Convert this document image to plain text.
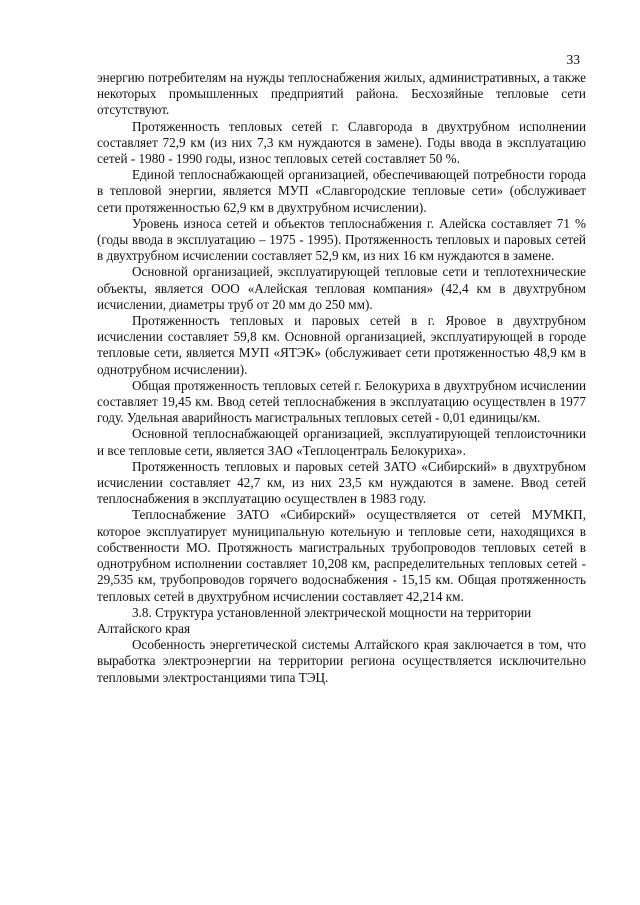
33

энергию потребителям на нужды теплоснабжения жилых, административных, а также некоторых промышленных предприятий района. Бесхозяйные тепловые сети отсутствуют.

Протяженность тепловых сетей г. Славгорода в двухтрубном исполнении составляет 72,9 км (из них 7,3 км нуждаются в замене). Годы ввода в эксплуатацию сетей - 1980 - 1990 годы, износ тепловых сетей составляет 50 %.

Единой теплоснабжающей организацией, обеспечивающей потребности города в тепловой энергии, является МУП «Славгородские тепловые сети» (обслуживает сети протяженностью 62,9 км в двухтрубном исчислении).

Уровень износа сетей и объектов теплоснабжения г. Алейска составляет 71 % (годы ввода в эксплуатацию – 1975 - 1995). Протяженность тепловых и паровых сетей в двухтрубном исчислении составляет 52,9 км, из них 16 км нуждаются в замене.

Основной организацией, эксплуатирующей тепловые сети и теплотехнические объекты, является ООО «Алейская тепловая компания» (42,4 км в двухтрубном исчислении, диаметры труб от 20 мм до 250 мм).

Протяженность тепловых и паровых сетей в г. Яровое в двухтрубном исчислении составляет 59,8 км. Основной организацией, эксплуатирующей в городе тепловые сети, является МУП «ЯТЭК» (обслуживает сети протяженностью 48,9 км в однотрубном исчислении).

Общая протяженность тепловых сетей г. Белокуриха в двухтрубном исчислении составляет 19,45 км. Ввод сетей теплоснабжения в эксплуатацию осуществлен в 1977 году. Удельная аварийность магистральных тепловых сетей - 0,01 единицы/км.

Основной теплоснабжающей организацией, эксплуатирующей теплоисточники и все тепловые сети, является ЗАО «Теплоцентраль Белокуриха».

Протяженность тепловых и паровых сетей ЗАТО «Сибирский» в двухтрубном исчислении составляет 42,7 км, из них 23,5 км нуждаются в замене. Ввод сетей теплоснабжения в эксплуатацию осуществлен в 1983 году.

Теплоснабжение ЗАТО «Сибирский» осуществляется от сетей МУМКП, которое эксплуатирует муниципальную котельную и тепловые сети, находящихся в собственности МО. Протяжность магистральных трубопроводов тепловых сетей в однотрубном исполнении составляет 10,208 км, распределительных тепловых сетей - 29,535 км, трубопроводов горячего водоснабжения - 15,15 км. Общая протяженность тепловых сетей в двухтрубном исчислении составляет 42,214 км.

3.8. Структура установленной электрической мощности на территории Алтайского края

Особенность энергетической системы Алтайского края заключается в том, что выработка электроэнергии на территории региона осуществляется исключительно тепловыми электростанциями типа ТЭЦ.
